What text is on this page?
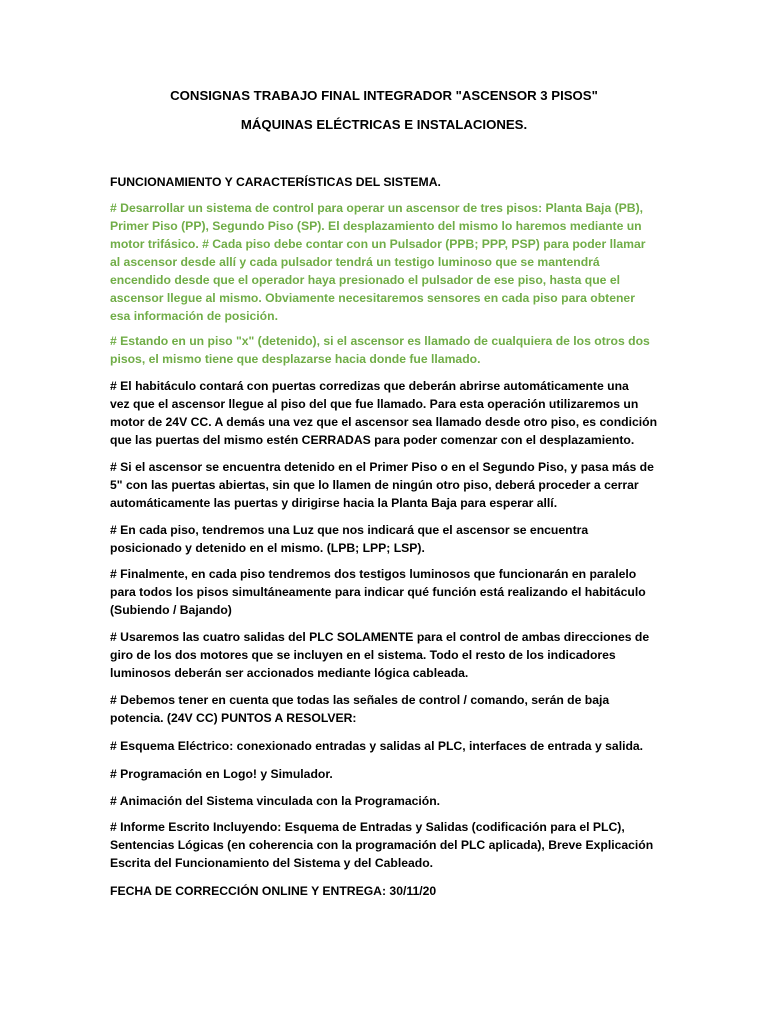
CONSIGNAS TRABAJO FINAL INTEGRADOR "ASCENSOR 3 PISOS"
MÁQUINAS ELÉCTRICAS E INSTALACIONES.
FUNCIONAMIENTO Y CARACTERÍSTICAS DEL SISTEMA.
# Desarrollar un sistema de control para operar un ascensor de tres pisos: Planta Baja (PB),
Primer Piso (PP), Segundo Piso (SP). El desplazamiento del mismo lo haremos mediante un
motor trifásico. # Cada piso debe contar con un Pulsador (PPB; PPP, PSP) para poder llamar
al ascensor desde allí y cada pulsador tendrá un testigo luminoso que se mantendrá
encendido desde que el operador haya presionado el pulsador de ese piso, hasta que el
ascensor llegue al mismo. Obviamente necesitaremos sensores en cada piso para obtener
esa información de posición.
# Estando en un piso "x" (detenido), si el ascensor es llamado de cualquiera de los otros dos
pisos, el mismo tiene que desplazarse hacia donde fue llamado.
# El habitáculo contará con puertas corredizas que deberán abrirse automáticamente una
vez que el ascensor llegue al piso del que fue llamado. Para esta operación utilizaremos un
motor de 24V CC. A demás una vez que el ascensor sea llamado desde otro piso, es condición
que las puertas del mismo estén CERRADAS para poder comenzar con el desplazamiento.
# Si el ascensor se encuentra detenido en el Primer Piso o en el Segundo Piso, y pasa más de
5" con las puertas abiertas, sin que lo llamen de ningún otro piso, deberá proceder a cerrar
automáticamente las puertas y dirigirse hacia la Planta Baja para esperar allí.
# En cada piso, tendremos una Luz que nos indicará que el ascensor se encuentra
posicionado y detenido en el mismo. (LPB; LPP; LSP).
# Finalmente, en cada piso tendremos dos testigos luminosos que funcionarán en paralelo
para todos los pisos simultáneamente para indicar qué función está realizando el habitáculo
(Subiendo / Bajando)
# Usaremos las cuatro salidas del PLC SOLAMENTE para el control de ambas direcciones de
giro de los dos motores que se incluyen en el sistema. Todo el resto de los indicadores
luminosos deberán ser accionados mediante lógica cableada.
# Debemos tener en cuenta que todas las señales de control / comando, serán de baja
potencia. (24V CC) PUNTOS A RESOLVER:
# Esquema Eléctrico: conexionado entradas y salidas al PLC, interfaces de entrada y salida.
# Programación en Logo! y Simulador.
# Animación del Sistema vinculada con la Programación.
# Informe Escrito Incluyendo: Esquema de Entradas y Salidas (codificación para el PLC),
Sentencias Lógicas (en coherencia con la programación del PLC aplicada), Breve Explicación
Escrita del Funcionamiento del Sistema y del Cableado.
FECHA DE CORRECCIÓN ONLINE Y ENTREGA: 30/11/20
